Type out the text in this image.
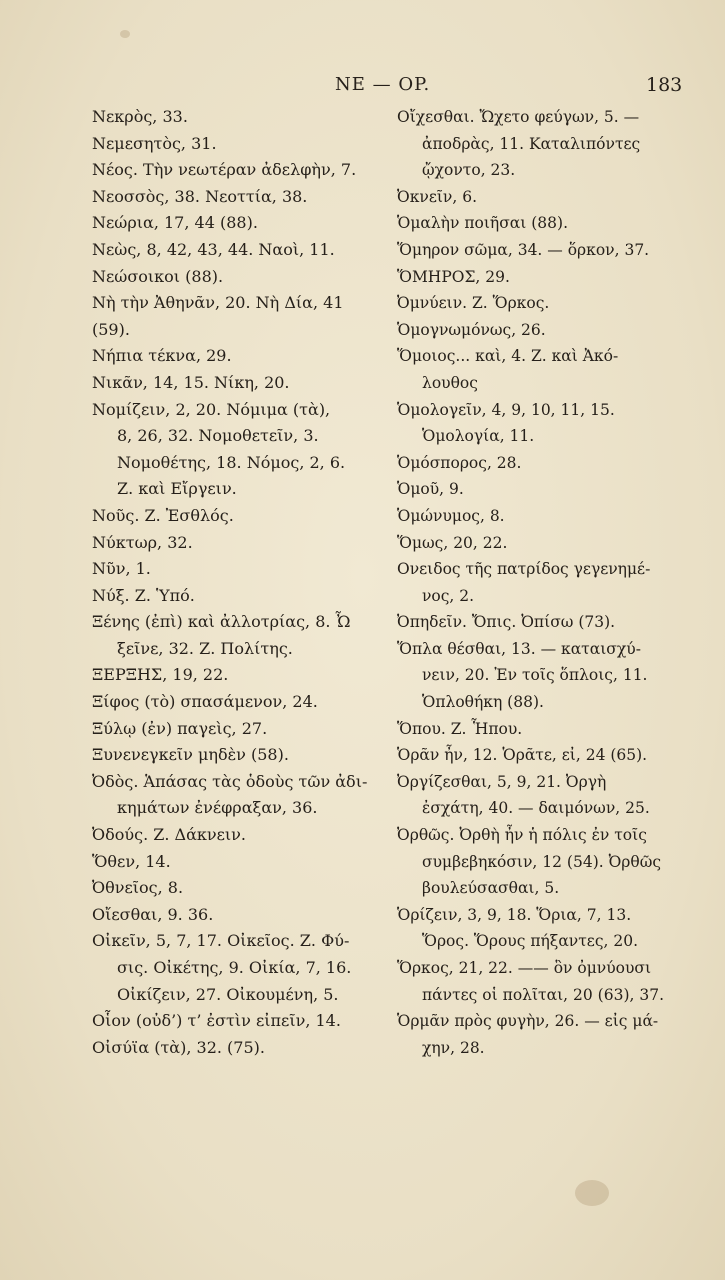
NE — OP.	183
Νεκρὸς, 33.
Νεμεσητὸς, 31.
Νέος. Τὴν νεωτέραν ἀδελφὴν, 7.
Νεοσσὸς, 38. Νεοττία, 38.
Νεώρια, 17, 44 (88).
Νεὼς, 8, 42, 43, 44. Ναοὶ, 11.
Νεώσοικοι (88).
Νὴ τὴν Ἀθηνᾶν, 20. Νὴ Δία, 41
(59).
Νήπια τέκνα, 29.
Νικᾶν, 14, 15. Νίκη, 20.
Νομίζειν, 2, 20. Νόμιμα (τὰ),
8, 26, 32. Νομοθετεῖν, 3.
Νομοθέτης, 18. Νόμος, 2, 6.
Ζ. καὶ Εἴργειν.
Νοῦς. Ζ. Ἐσθλός.
Νύκτωρ, 32.
Νῦν, 1.
Νύξ. Ζ. Ὑπό.
Ξένης (ἐπὶ) καὶ ἀλλοτρίας, 8. Ὦ
ξεῖνε, 32. Ζ. Πολίτης.
ΞΕΡΞΗΣ, 19, 22.
Ξίφος (τὸ) σπασάμενον, 24.
Ξύλῳ (ἐν) παγεὶς, 27.
Ξυνενεγκεῖν μηδὲν (58).
Ὀδὸς. Ἁπάσας τὰς ὁδοὺς τῶν ἀδι-
κημάτων ἐνέφραξαν, 36.
Ὀδούς. Ζ. Δάκνειν.
Ὅθεν, 14.
Ὀθνεῖος, 8.
Οἴεσθαι, 9. 36.
Οἰκεῖν, 5, 7, 17. Οἰκεῖος. Ζ. Φύ-
σις. Οἰκέτης, 9. Οἰκία, 7, 16.
Οἰκίζειν, 27. Οἰκουμένη, 5.
Οἷον (οὐδ’) τ’ ἐστὶν εἰπεῖν, 14.
Οἰσύϊα (τὰ), 32. (75).
Οἴχεσθαι. Ὤχετο φεύγων, 5. —
ἀποδρὰς, 11. Καταλιπόντες
ᾤχοντο, 23.
Ὀκνεῖν, 6.
Ὁμαλὴν ποιῆσαι (88).
Ὅμηρον σῶμα, 34. — ὅρκον, 37.
ὍΜΗΡΟΣ, 29.
Ὀμνύειν. Ζ. Ὅρκος.
Ὁμογνωμόνως, 26.
Ὅμοιος... καὶ, 4. Ζ. καὶ Ἀκό-
λουθος
Ὁμολογεῖν, 4, 9, 10, 11, 15.
Ὁμολογία, 11.
Ὁμόσπορος, 28.
Ὁμοῦ, 9.
Ὁμώνυμος, 8.
Ὅμως, 20, 22.
Ονειδος τῆς πατρίδος γεγενημέ-
νος, 2.
Ὀπηδεῖν. Ὄπις. Ὀπίσω (73).
Ὅπλα θέσθαι, 13. — καταισχύ-
νειν, 20. Ἐν τοῖς ὅπλοις, 11.
Ὁπλοθήκη (88).
Ὅπου. Ζ. Ἧπου.
Ὁρᾶν ἦν, 12. Ὁρᾶτε, εἰ, 24 (65).
Ὀργίζεσθαι, 5, 9, 21. Ὀργὴ
ἐσχάτη, 40. — δαιμόνων, 25.
Ὀρθῶς. Ὀρθὴ ἦν ἡ πόλις ἐν τοῖς
συμβεβηκόσιν, 12 (54). Ὀρθῶς
βουλεύσασθαι, 5.
Ὁρίζειν, 3, 9, 18. Ὅρια, 7, 13.
Ὅρος. Ὅρους πήξαντες, 20.
Ὅρκος, 21, 22. —— ὃν ὀμνύουσι
πάντες οἱ πολῖται, 20 (63), 37.
Ὁρμᾶν πρὸς φυγὴν, 26. — εἰς μά-
χην, 28.
